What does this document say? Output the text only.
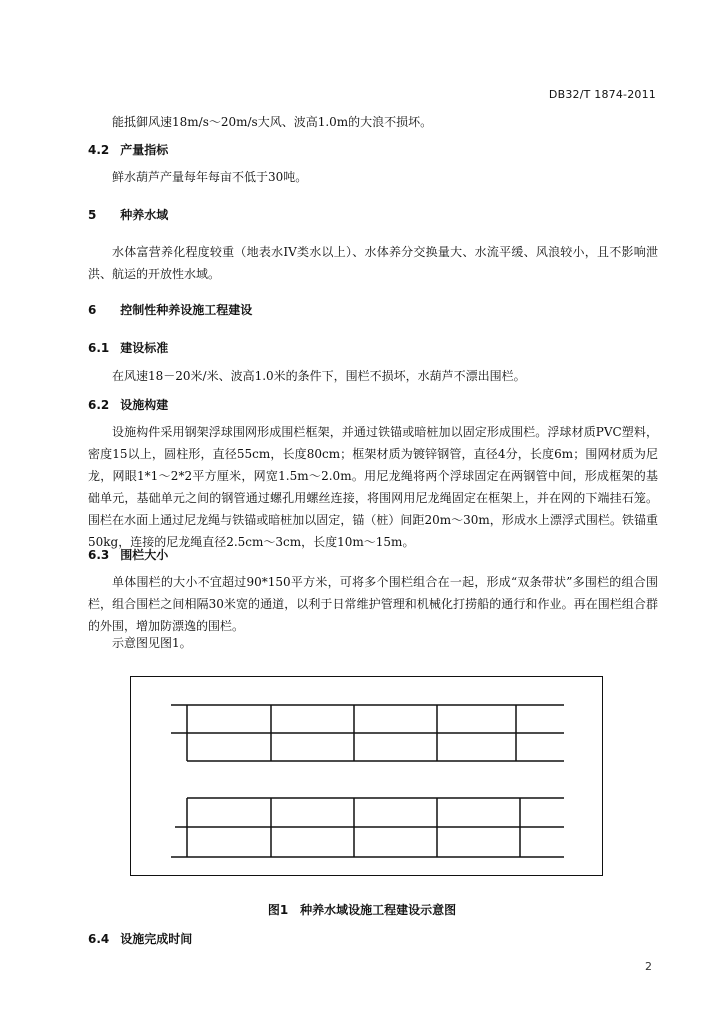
DB32/T 1874-2011
能抵御风速18m/s～20m/s大风、波高1.0m的大浪不损坏。
4.2 产量指标
鲜水葫芦产量每年每亩不低于30吨。
5 种养水域
水体富营养化程度较重（地表水IV类水以上）、水体养分交换量大、水流平缓、风浪较小，且不影响泄洪、航运的开放性水域。
6 控制性种养设施工程建设
6.1 建设标准
在风速18－20米/米、波高1.0米的条件下，围栏不损坏，水葫芦不漂出围栏。
6.2 设施构建
设施构件采用钢架浮球围网形成围栏框架，并通过铁锚或暗桩加以固定形成围栏。浮球材质PVC塑料，密度15以上，圆柱形，直径55cm，长度80cm；框架材质为镀锌钢管，直径4分，长度6m；围网材质为尼龙，网眼1*1～2*2平方厘米，网宽1.5m～2.0m。用尼龙绳将两个浮球固定在两钢管中间，形成框架的基础单元，基础单元之间的钢管通过螺孔用螺丝连接，将围网用尼龙绳固定在框架上，并在网的下端挂石笼。围栏在水面上通过尼龙绳与铁锚或暗桩加以固定，锚（桩）间距20m～30m，形成水上漂浮式围栏。铁锚重50kg，连接的尼龙绳直径2.5cm～3cm，长度10m～15m。
6.3 围栏大小
单体围栏的大小不宜超过90*150平方米，可将多个围栏组合在一起，形成“双条带状”多围栏的组合围栏，组合围栏之间相隔30米宽的通道，以利于日常维护管理和机械化打捞船的通行和作业。再在围栏组合群的外围，增加防漂逸的围栏。
示意图见图1。
图1　种养水域设施工程建设示意图
6.4 设施完成时间
2
